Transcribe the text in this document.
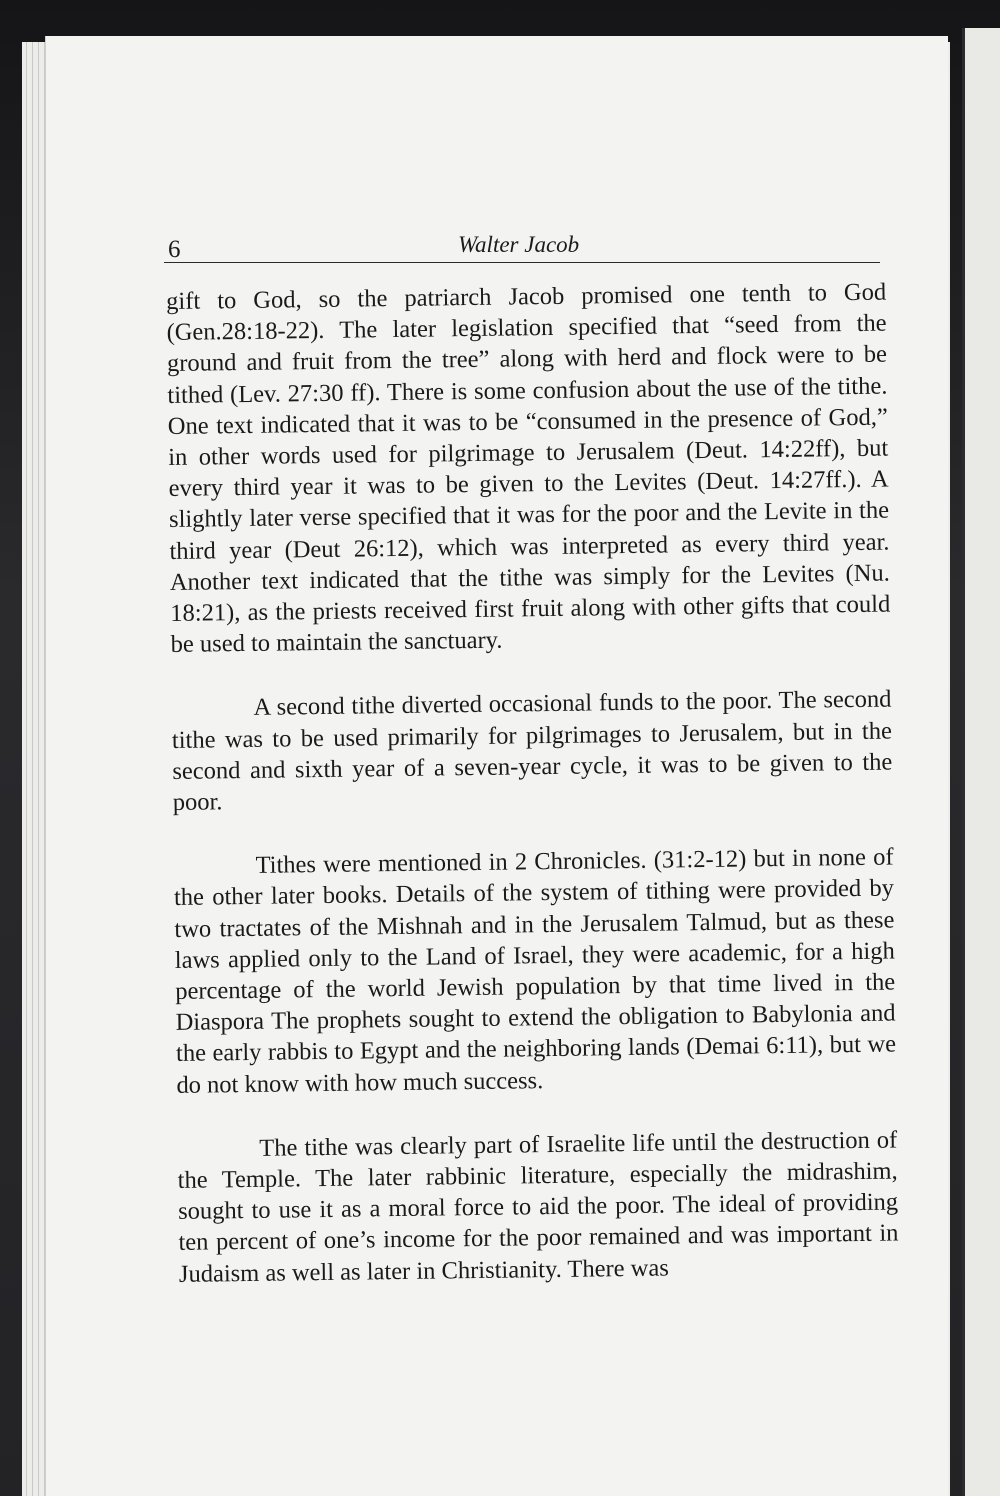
6	Walter Jacob

gift to God, so the patriarch Jacob promised one tenth to God (Gen.28:18-22). The later legislation specified that “seed from the ground and fruit from the tree” along with herd and flock were to be tithed (Lev. 27:30 ff). There is some confusion about the use of the tithe. One text indicated that it was to be “consumed in the presence of God,” in other words used for pilgrimage to Jerusalem (Deut. 14:22ff), but every third year it was to be given to the Levites (Deut. 14:27ff.). A slightly later verse specified that it was for the poor and the Levite in the third year (Deut 26:12), which was interpreted as every third year. Another text indicated that the tithe was simply for the Levites (Nu. 18:21), as the priests received first fruit along with other gifts that could be used to maintain the sanctuary.

A second tithe diverted occasional funds to the poor. The second tithe was to be used primarily for pilgrimages to Jerusalem, but in the second and sixth year of a seven-year cycle, it was to be given to the poor.

Tithes were mentioned in 2 Chronicles. (31:2-12) but in none of the other later books. Details of the system of tithing were provided by two tractates of the Mishnah and in the Jerusalem Talmud, but as these laws applied only to the Land of Israel, they were academic, for a high percentage of the world Jewish population by that time lived in the Diaspora The prophets sought to extend the obligation to Babylonia and the early rabbis to Egypt and the neighboring lands (Demai 6:11), but we do not know with how much success.

The tithe was clearly part of Israelite life until the destruction of the Temple. The later rabbinic literature, especially the midrashim, sought to use it as a moral force to aid the poor. The ideal of providing ten percent of one’s income for the poor remained and was important in Judaism as well as later in Christianity. There was
